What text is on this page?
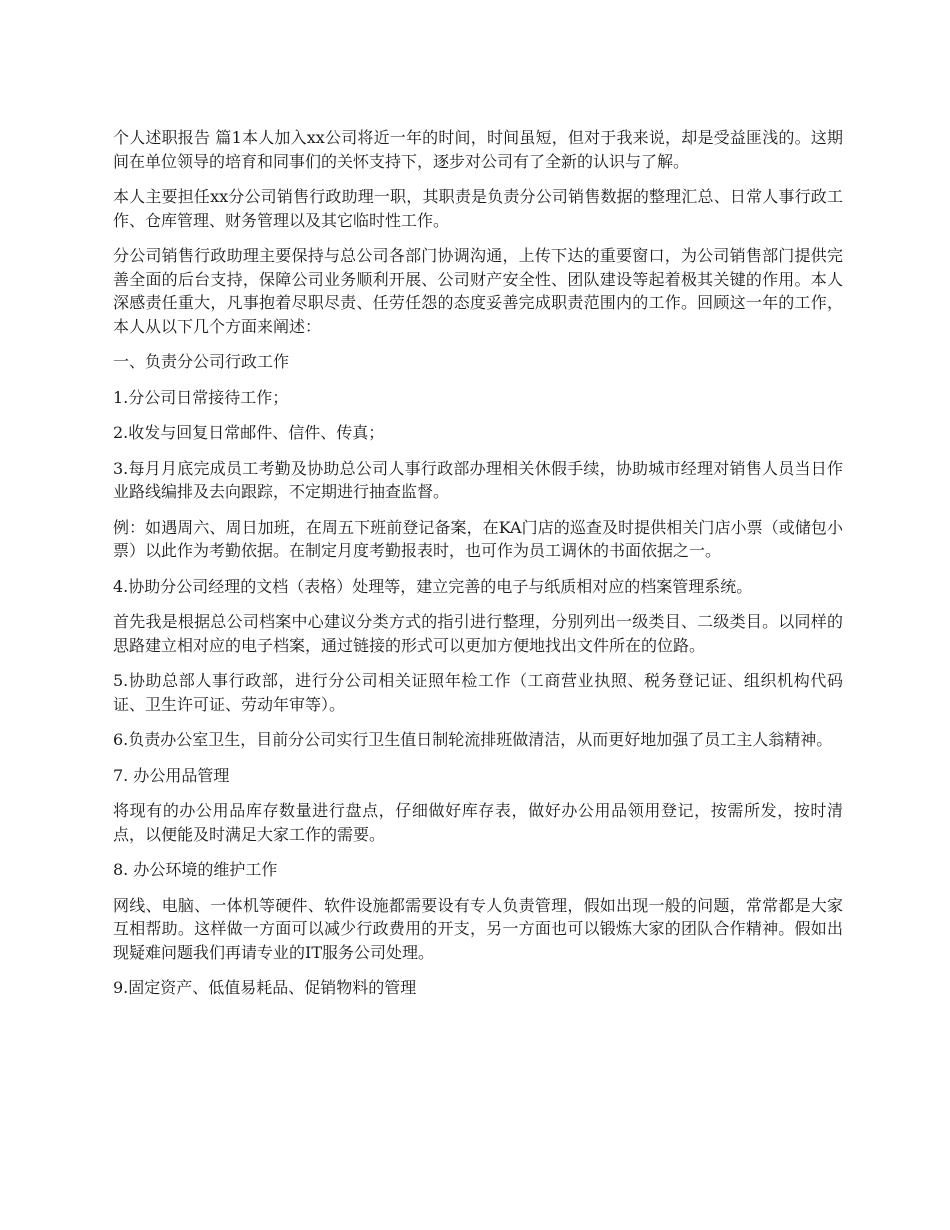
个人述职报告 篇1本人加入xx公司将近一年的时间，时间虽短，但对于我来说，却是受益匪浅的。这期间在单位领导的培育和同事们的关怀支持下，逐步对公司有了全新的认识与了解。

本人主要担任xx分公司销售行政助理一职，其职责是负责分公司销售数据的整理汇总、日常人事行政工作、仓库管理、财务管理以及其它临时性工作。

分公司销售行政助理主要保持与总公司各部门协调沟通，上传下达的重要窗口，为公司销售部门提供完善全面的后台支持，保障公司业务顺利开展、公司财产安全性、团队建设等起着极其关键的作用。本人深感责任重大，凡事抱着尽职尽责、任劳任怨的态度妥善完成职责范围内的工作。回顾这一年的工作，本人从以下几个方面来阐述：

一、负责分公司行政工作

1.分公司日常接待工作；

2.收发与回复日常邮件、信件、传真；

3.每月月底完成员工考勤及协助总公司人事行政部办理相关休假手续，协助城市经理对销售人员当日作业路线编排及去向跟踪，不定期进行抽查监督。

例：如遇周六、周日加班，在周五下班前登记备案，在KA门店的巡查及时提供相关门店小票（或储包小票）以此作为考勤依据。在制定月度考勤报表时，也可作为员工调休的书面依据之一。

4.协助分公司经理的文档（表格）处理等，建立完善的电子与纸质相对应的档案管理系统。

首先我是根据总公司档案中心建议分类方式的指引进行整理，分别列出一级类目、二级类目。以同样的思路建立相对应的电子档案，通过链接的形式可以更加方便地找出文件所在的位路。

5.协助总部人事行政部，进行分公司相关证照年检工作（工商营业执照、税务登记证、组织机构代码证、卫生许可证、劳动年审等）。

6.负责办公室卫生，目前分公司实行卫生值日制轮流排班做清洁，从而更好地加强了员工主人翁精神。

7. 办公用品管理

将现有的办公用品库存数量进行盘点，仔细做好库存表，做好办公用品领用登记，按需所发，按时清点，以便能及时满足大家工作的需要。

8. 办公环境的维护工作

网线、电脑、一体机等硬件、软件设施都需要设有专人负责管理，假如出现一般的问题，常常都是大家互相帮助。这样做一方面可以减少行政费用的开支，另一方面也可以锻炼大家的团队合作精神。假如出现疑难问题我们再请专业的IT服务公司处理。

9.固定资产、低值易耗品、促销物料的管理
